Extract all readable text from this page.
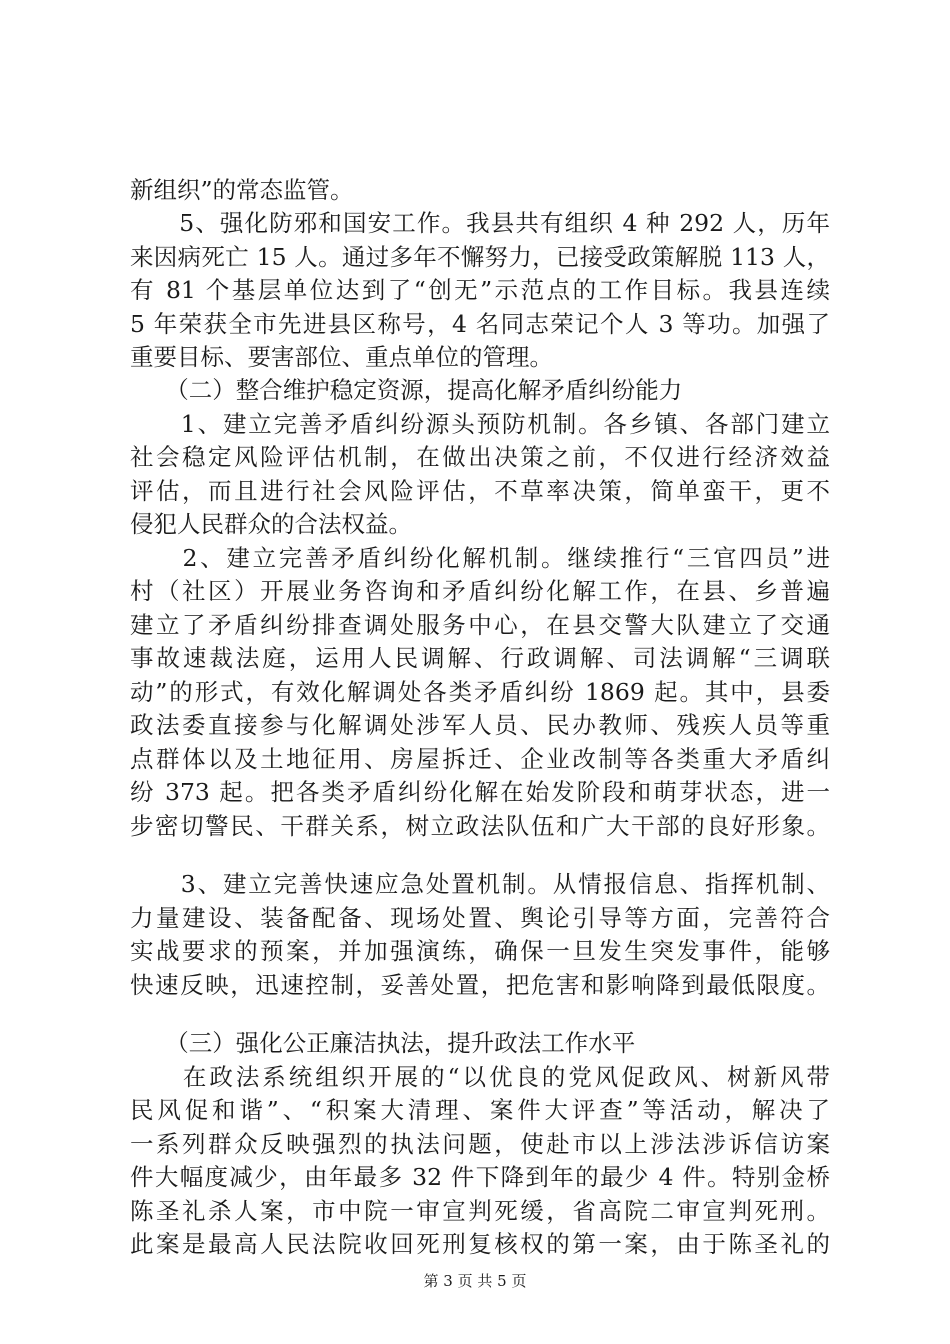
新组织”的常态监管。
　　5、强化防邪和国安工作。我县共有组织 4 种 292 人，历年
来因病死亡 15 人。通过多年不懈努力，已接受政策解脱 113 人，
有 81 个基层单位达到了“创无”示范点的工作目标。我县连续
5 年荣获全市先进县区称号，4 名同志荣记个人 3 等功。加强了
重要目标、要害部位、重点单位的管理。
　　（二）整合维护稳定资源，提高化解矛盾纠纷能力
　　1、建立完善矛盾纠纷源头预防机制。各乡镇、各部门建立
社会稳定风险评估机制，在做出决策之前，不仅进行经济效益
评估，而且进行社会风险评估，不草率决策，简单蛮干，更不
侵犯人民群众的合法权益。
　　2、建立完善矛盾纠纷化解机制。继续推行“三官四员”进
村（社区）开展业务咨询和矛盾纠纷化解工作，在县、乡普遍
建立了矛盾纠纷排查调处服务中心，在县交警大队建立了交通
事故速裁法庭，运用人民调解、行政调解、司法调解“三调联
动”的形式，有效化解调处各类矛盾纠纷 1869 起。其中，县委
政法委直接参与化解调处涉军人员、民办教师、残疾人员等重
点群体以及土地征用、房屋拆迁、企业改制等各类重大矛盾纠
纷 373 起。把各类矛盾纠纷化解在始发阶段和萌芽状态，进一
步密切警民、干群关系，树立政法队伍和广大干部的良好形象。
　　3、建立完善快速应急处置机制。从情报信息、指挥机制、
力量建设、装备配备、现场处置、舆论引导等方面，完善符合
实战要求的预案，并加强演练，确保一旦发生突发事件，能够
快速反映，迅速控制，妥善处置，把危害和影响降到最低限度。
　　（三）强化公正廉洁执法，提升政法工作水平
　　在政法系统组织开展的“以优良的党风促政风、树新风带
民风促和谐”、“积案大清理、案件大评查”等活动，解决了
一系列群众反映强烈的执法问题，使赴市以上涉法涉诉信访案
件大幅度减少，由年最多 32 件下降到年的最少 4 件。特别金桥
陈圣礼杀人案，市中院一审宣判死缓，省高院二审宣判死刑。
此案是最高人民法院收回死刑复核权的第一案，由于陈圣礼的
第 3 页 共 5 页
